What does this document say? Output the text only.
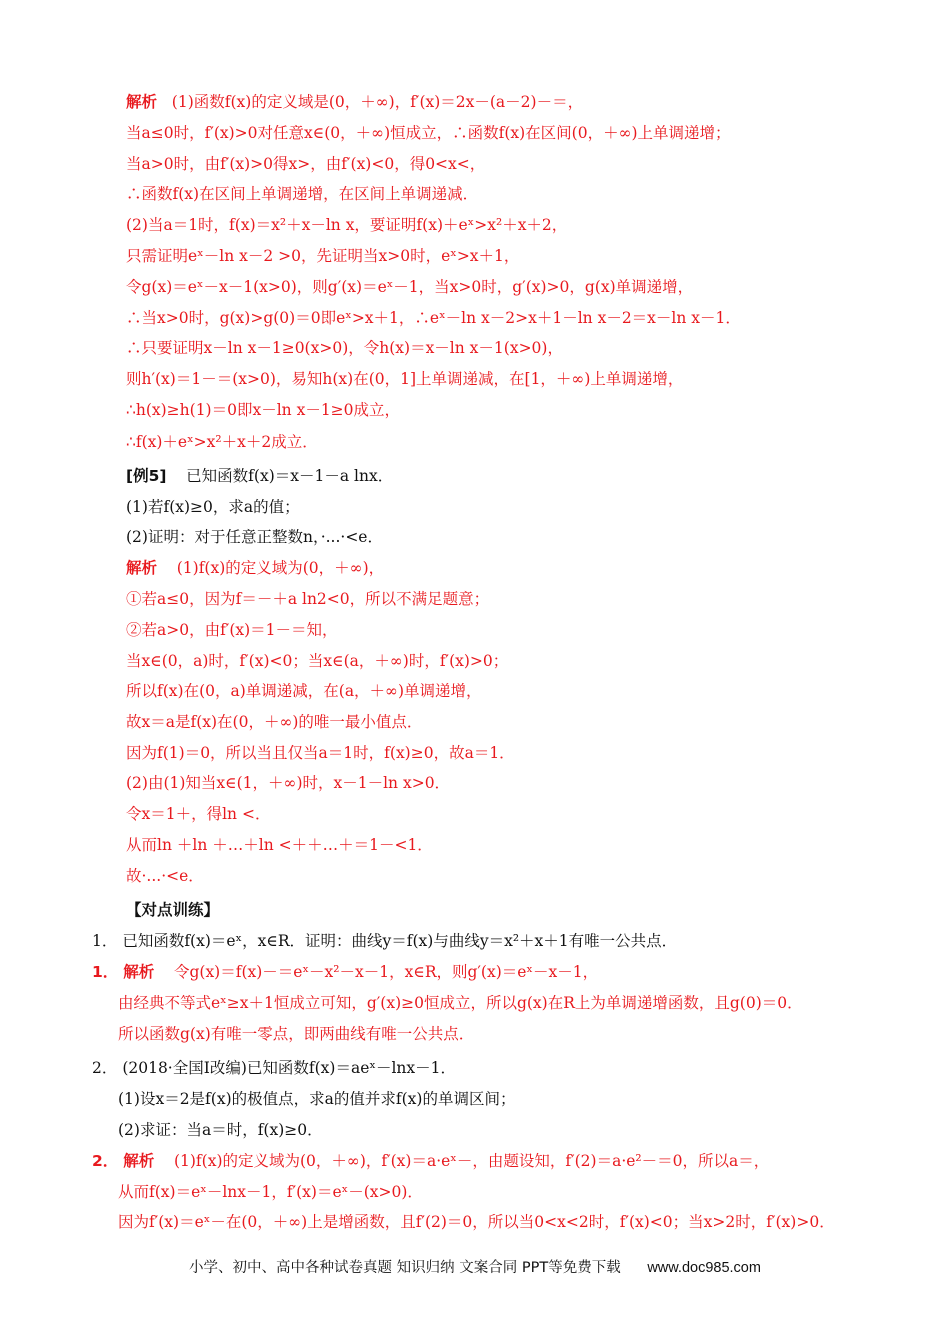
解析 (1)函数f(x)的定义域是(0，＋∞)，f′(x)＝2x－(a－2)－＝，
当a≤0时，f′(x)>0对任意x∈(0，＋∞)恒成立，∴函数f(x)在区间(0，＋∞)上单调递增；
当a>0时，由f′(x)>0得x>，由f′(x)<0，得0<x<，
∴函数f(x)在区间上单调递增，在区间上单调递减．
(2)当a＝1时，f(x)＝x²＋x－ln x，要证明f(x)＋eˣ>x²＋x＋2，
只需证明eˣ－ln x－2 >0，先证明当x>0时，eˣ>x＋1，
令g(x)＝eˣ－x－1(x>0)，则g′(x)＝eˣ－1，当x>0时，g′(x)>0，g(x)单调递增，
∴当x>0时，g(x)>g(0)＝0即eˣ>x＋1，∴eˣ－ln x－2>x＋1－ln x－2＝x－ln x－1．
∴只要证明x－ln x－1≥0(x>0)，令h(x)＝x－ln x－1(x>0)，
则h′(x)＝1－＝(x>0)，易知h(x)在(0，1]上单调递减，在[1，＋∞)上单调递增，
∴h(x)≥h(1)＝0即x－ln x－1≥0成立，
∴f(x)＋eˣ>x²＋x＋2成立．
[例5] 已知函数f(x)＝x－1－a lnx．
(1)若f(x)≥0，求a的值；
(2)证明：对于任意正整数n，·...·<e．
解析 (1)f(x)的定义域为(0，＋∞)，
①若a≤0，因为f＝－＋a ln2<0，所以不满足题意；
②若a>0，由f′(x)＝1－＝知，
当x∈(0，a)时，f′(x)<0；当x∈(a，＋∞)时，f′(x)>0；
所以f(x)在(0，a)单调递减，在(a，＋∞)单调递增，
故x＝a是f(x)在(0，＋∞)的唯一最小值点．
因为f(1)＝0，所以当且仅当a＝1时，f(x)≥0，故a＝1．
(2)由(1)知当x∈(1，＋∞)时，x－1－ln x>0．
令x＝1＋，得ln <．
从而ln ＋ln ＋…＋ln <＋＋…＋＝1－<1．
故·...·<e．
【对点训练】
1． 已知函数f(x)＝eˣ，x∈R．证明：曲线y＝f(x)与曲线y＝x²＋x＋1有唯一公共点．
1． 解析 令g(x)＝f(x)－＝eˣ－x²－x－1，x∈R，则g′(x)＝eˣ－x－1，
由经典不等式eˣ≥x＋1恒成立可知，g′(x)≥0恒成立，所以g(x)在R上为单调递增函数，且g(0)＝0．
所以函数g(x)有唯一零点，即两曲线有唯一公共点．
2． (2018·全国Ⅰ改编)已知函数f(x)＝aeˣ－lnx－1．
(1)设x＝2是f(x)的极值点，求a的值并求f(x)的单调区间；
(2)求证：当a＝时，f(x)≥0．
2． 解析 (1)f(x)的定义域为(0，＋∞)，f′(x)＝a·eˣ－，由题设知，f′(2)＝a·e²－＝0，所以a＝，
从而f(x)＝eˣ－lnx－1，f′(x)＝eˣ－(x>0)．
因为f′(x)＝eˣ－在(0，＋∞)上是增函数，且f′(2)＝0，所以当0<x<2时，f′(x)<0；当x>2时，f′(x)>0．
小学、初中、高中各种试卷真题 知识归纳 文案合同 PPT等免费下载 www.doc985.com
